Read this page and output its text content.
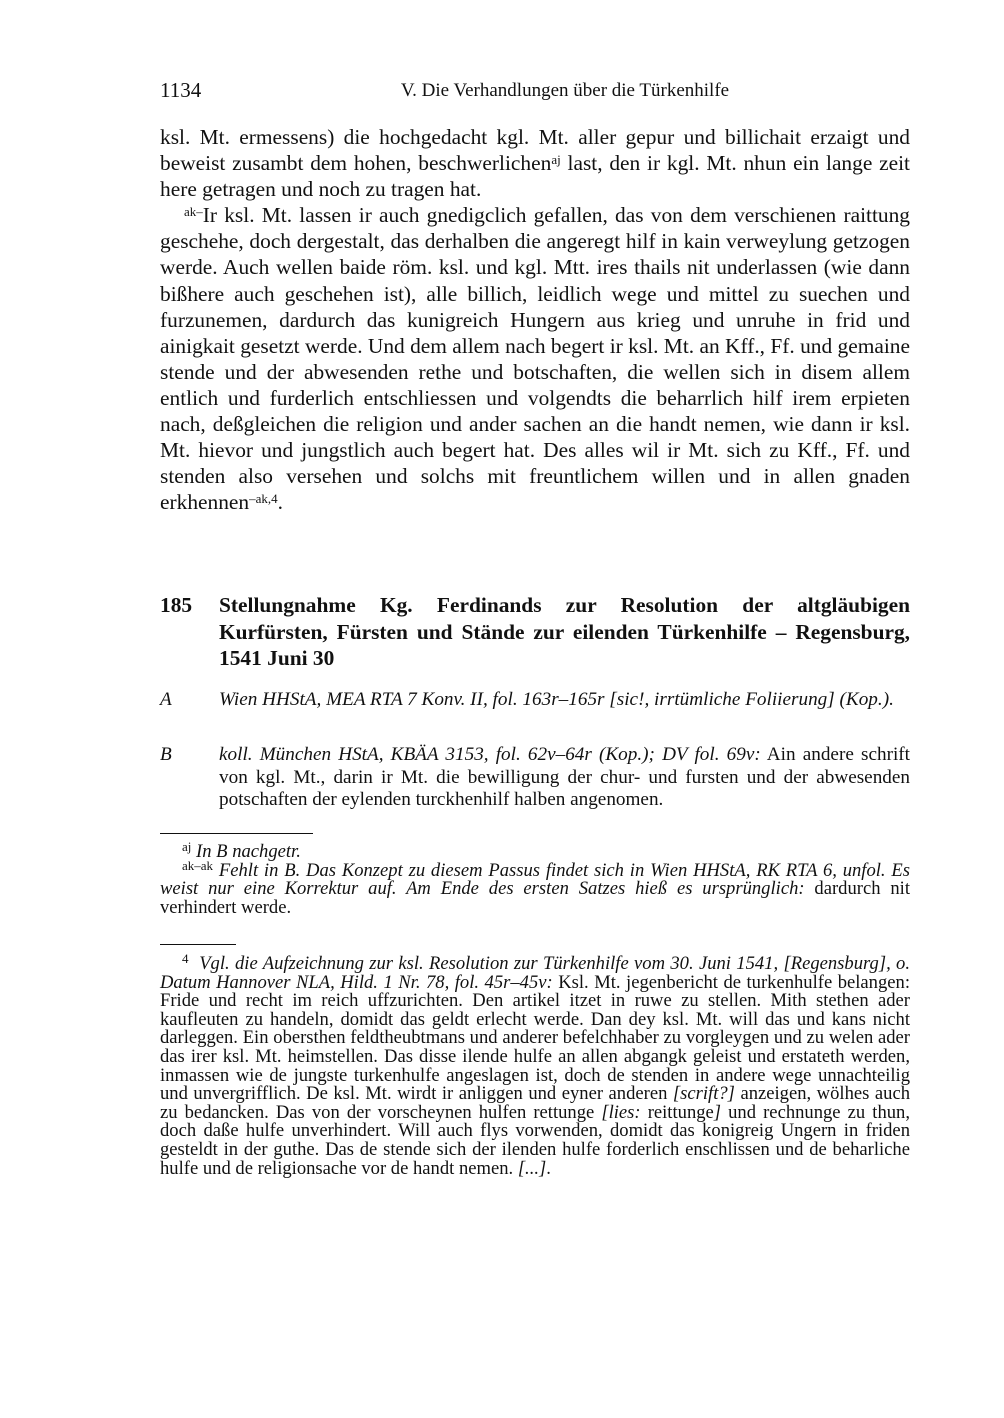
1134	V. Die Verhandlungen über die Türkenhilfe

ksl. Mt. ermessens) die hochgedacht kgl. Mt. aller gepur und billichait erzaigt und beweist zusambt dem hohen, beschwerlichen$^{aj}$ last, den ir kgl. Mt. nhun ein lange zeit here getragen und noch zu tragen hat.

$^{ak-}$Ir ksl. Mt. lassen ir auch gnedigclich gefallen, das von dem verschienen raittung geschehe, doch dergestalt, das derhalben die angeregt hilf in kain verweylung getzogen werde. Auch wellen baide röm. ksl. und kgl. Mtt. ires thails nit underlassen (wie dann bißhere auch geschehen ist), alle billich, leidlich wege und mittel zu suechen und furzunemen, dardurch das kunigreich Hungern aus krieg und unruhe in frid und ainigkait gesetzt werde. Und dem allem nach begert ir ksl. Mt. an Kff., Ff. und gemaine stende und der abwesenden rethe und botschaften, die wellen sich in disem allem entlich und furderlich entschliessen und volgendts die beharrlich hilf irem erpieten nach, deßgleichen die religion und ander sachen an die handt nemen, wie dann ir ksl. Mt. hievor und jungstlich auch begert hat. Des alles wil ir Mt. sich zu Kff., Ff. und stenden also versehen und solchs mit freuntlichem willen und in allen gnaden erkhennen$^{-ak,4}$.

185 Stellungnahme Kg. Ferdinands zur Resolution der altgläubigen Kurfürsten, Fürsten und Stände zur eilenden Türkenhilfe – Regensburg, 1541 Juni 30
A Wien HHStA, MEA RTA 7 Konv. II, fol. 163r–165r [sic!, irrtümliche Foliierung] (Kop.).
B koll. München HStA, KBÄA 3153, fol. 62v–64r (Kop.); DV fol. 69v: Ain andere schrift von kgl. Mt., darin ir Mt. die bewilligung der chur- und fursten und der abwesenden potschaften der eylenden turckhenhilf halben angenomen.

$^{aj}$ In B nachgetr.

$^{ak-ak}$ Fehlt in B. Das Konzept zu diesem Passus findet sich in Wien HHStA, RK RTA 6, unfol. Es weist nur eine Korrektur auf. Am Ende des ersten Satzes hieß es ursprünglich: dardurch nit verhindert werde.

$^4$ Vgl. die Aufzeichnung zur ksl. Resolution zur Türkenhilfe vom 30. Juni 1541, [Regensburg], o. Datum Hannover NLA, Hild. 1 Nr. 78, fol. 45r–45v: Ksl. Mt. jegenbericht de turkenhulfe belangen: Fride und recht im reich uffzurichten. Den artikel itzet in ruwe zu stellen. Mith stethen ader kaufleuten zu handeln, domidt das geldt erlecht werde. Dan dey ksl. Mt. will das und kans nicht darleggen. Ein obersthen feldtheubtmans und anderer befelchhaber zu vorgleygen und zu welen ader das irer ksl. Mt. heimstellen. Das disse ilende hulfe an allen abgangk geleist und erstateth werden, inmassen wie de jungste turkenhulfe angeslagen ist, doch de stenden in andere wege unnachteilig und unvergrifflich. De ksl. Mt. wirdt ir anliggen und eyner anderen [scrift?] anzeigen, wölhes auch zu bedancken. Das von der vorscheynen hulfen rettunge [lies: reittunge] und rechnunge zu thun, doch daße hulfe unverhindert. Will auch flys vorwenden, domidt das konigreig Ungern in friden gesteldt in der guthe. Das de stende sich der ilenden hulfe forderlich enschlissen und de beharliche hulfe und de religionsache vor de handt nemen. [...].
